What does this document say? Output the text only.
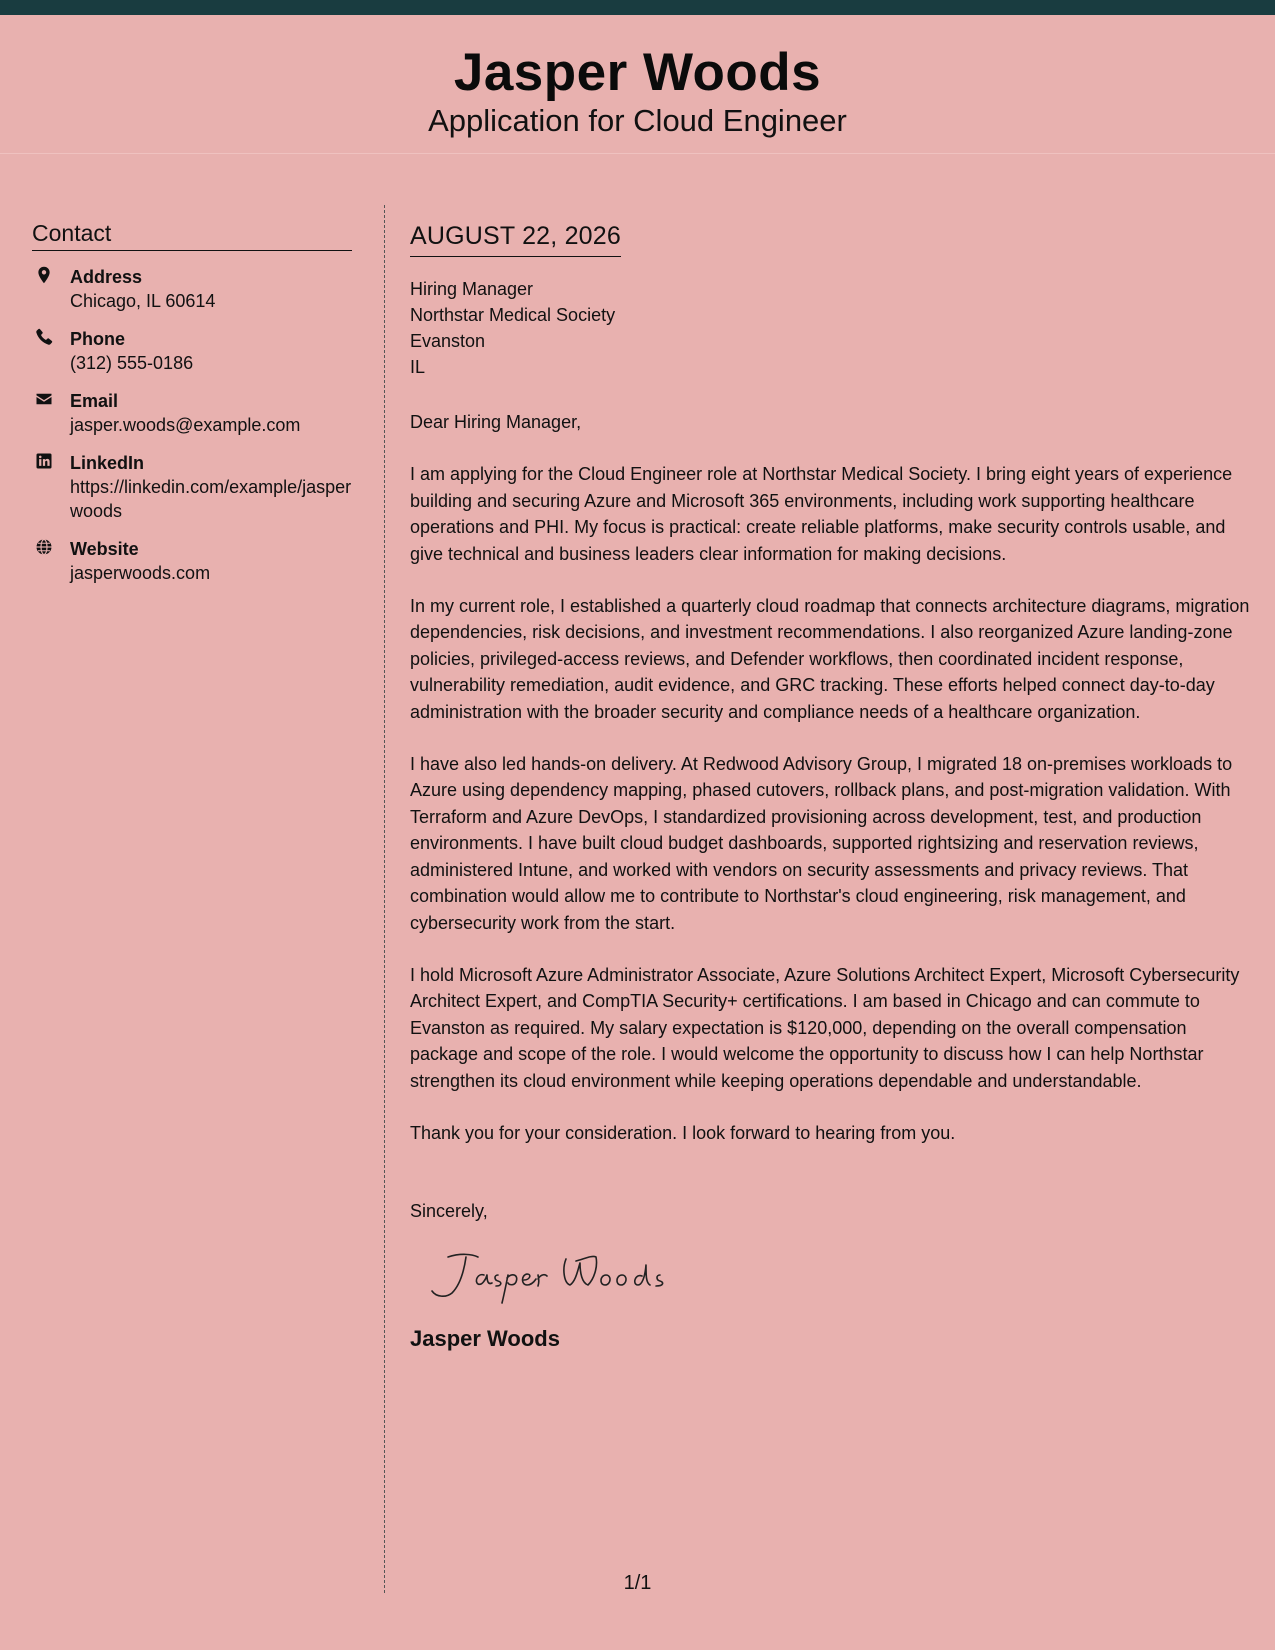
Jasper Woods
Application for Cloud Engineer
Contact
Address
Chicago, IL 60614
Phone
(312) 555-0186
Email
jasper.woods@example.com
LinkedIn
https://linkedin.com/example/jasperwoods
Website
jasperwoods.com
AUGUST 22, 2026
Hiring Manager
Northstar Medical Society
Evanston
IL
Dear Hiring Manager,

I am applying for the Cloud Engineer role at Northstar Medical Society. I bring eight years of experience building and securing Azure and Microsoft 365 environments, including work supporting healthcare operations and PHI. My focus is practical: create reliable platforms, make security controls usable, and give technical and business leaders clear information for making decisions.

In my current role, I established a quarterly cloud roadmap that connects architecture diagrams, migration dependencies, risk decisions, and investment recommendations. I also reorganized Azure landing-zone policies, privileged-access reviews, and Defender workflows, then coordinated incident response, vulnerability remediation, audit evidence, and GRC tracking. These efforts helped connect day-to-day administration with the broader security and compliance needs of a healthcare organization.

I have also led hands-on delivery. At Redwood Advisory Group, I migrated 18 on-premises workloads to Azure using dependency mapping, phased cutovers, rollback plans, and post-migration validation. With Terraform and Azure DevOps, I standardized provisioning across development, test, and production environments. I have built cloud budget dashboards, supported rightsizing and reservation reviews, administered Intune, and worked with vendors on security assessments and privacy reviews. That combination would allow me to contribute to Northstar's cloud engineering, risk management, and cybersecurity work from the start.

I hold Microsoft Azure Administrator Associate, Azure Solutions Architect Expert, Microsoft Cybersecurity Architect Expert, and CompTIA Security+ certifications. I am based in Chicago and can commute to Evanston as required. My salary expectation is $120,000, depending on the overall compensation package and scope of the role. I would welcome the opportunity to discuss how I can help Northstar strengthen its cloud environment while keeping operations dependable and understandable.

Thank you for your consideration. I look forward to hearing from you.

Sincerely,
Jasper Woods
1/1
